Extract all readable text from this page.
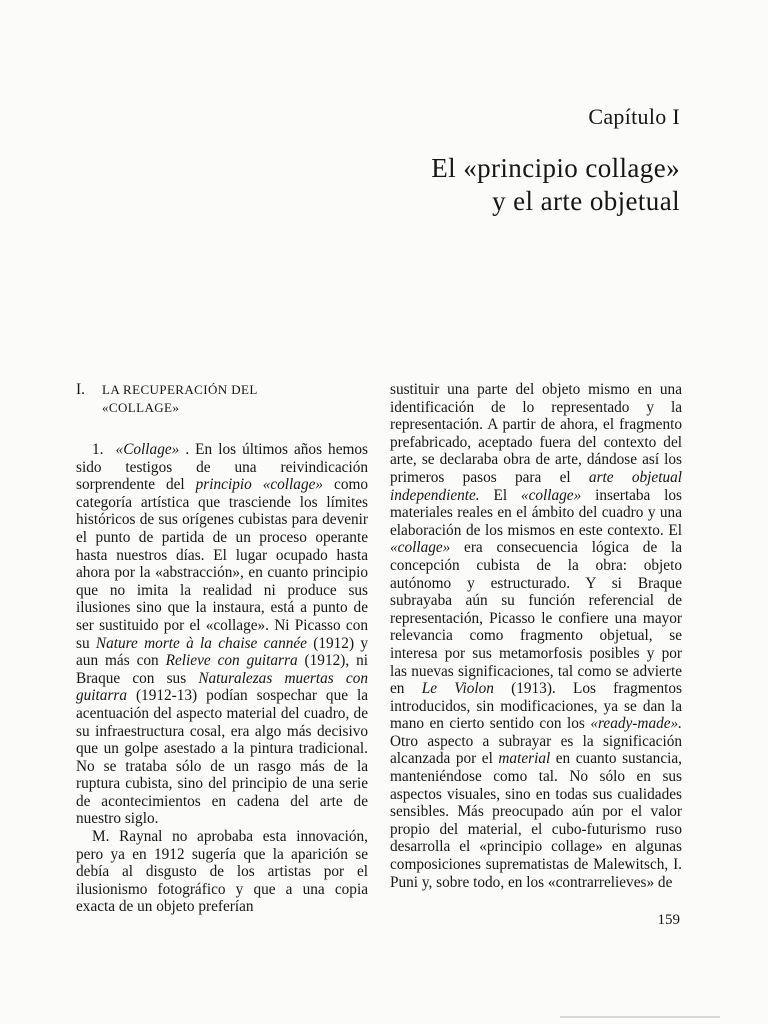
Capítulo I
El «principio collage»
y el arte objetual
I. LA RECUPERACIÓN DEL
«COLLAGE»

1. «Collage» . En los últimos años hemos sido testigos de una reivindicación sorprendente del principio «collage» como categoría artística que trasciende los límites históricos de sus orígenes cubistas para devenir el punto de partida de un proceso operante hasta nuestros días. El lugar ocupado hasta ahora por la «abstracción», en cuanto principio que no imita la realidad ni produce sus ilusiones sino que la instaura, está a punto de ser sustituido por el «collage». Ni Picasso con su Nature morte à la chaise cannée (1912) y aun más con Relieve con guitarra (1912), ni Braque con sus Naturalezas muertas con guitarra (1912-13) podían sospechar que la acentuación del aspecto material del cuadro, de su infraestructura cosal, era algo más decisivo que un golpe asestado a la pintura tradicional. No se trataba sólo de un rasgo más de la ruptura cubista, sino del principio de una serie de acontecimientos en cadena del arte de nuestro siglo.

M. Raynal no aprobaba esta innovación, pero ya en 1912 sugería que la aparición se debía al disgusto de los artistas por el ilusionismo fotográfico y que a una copia exacta de un objeto preferían

sustituir una parte del objeto mismo en una identificación de lo representado y la representación. A partir de ahora, el fragmento prefabricado, aceptado fuera del contexto del arte, se declaraba obra de arte, dándose así los primeros pasos para el arte objetual independiente. El «collage» insertaba los materiales reales en el ámbito del cuadro y una elaboración de los mismos en este contexto. El «collage» era consecuencia lógica de la concepción cubista de la obra: objeto autónomo y estructurado. Y si Braque subrayaba aún su función referencial de representación, Picasso le confiere una mayor relevancia como fragmento objetual, se interesa por sus metamorfosis posibles y por las nuevas significaciones, tal como se advierte en Le Violon (1913). Los fragmentos introducidos, sin modificaciones, ya se dan la mano en cierto sentido con los «ready-made». Otro aspecto a subrayar es la significación alcanzada por el material en cuanto sustancia, manteniéndose como tal. No sólo en sus aspectos visuales, sino en todas sus cualidades sensibles. Más preocupado aún por el valor propio del material, el cubo-futurismo ruso desarrolla el «principio collage» en algunas composiciones suprematistas de Malewitsch, I. Puni y, sobre todo, en los «contrarrelieves» de

159
